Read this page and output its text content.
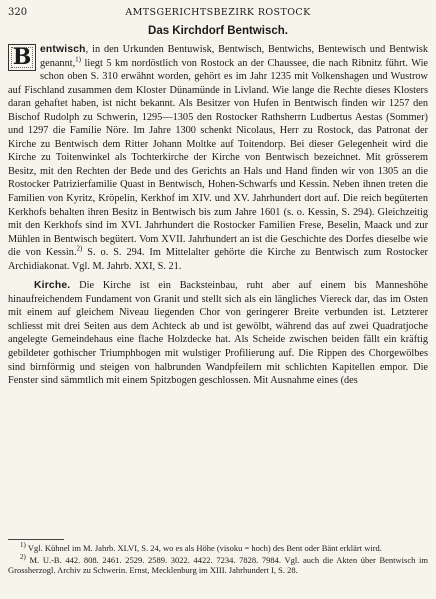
320	AMTSGERICHTSBEZIRK ROSTOCK
Das Kirchdorf Bentwisch.

B entwisch, in den Urkunden Bentuwisk, Bentwisch, Bentwichs, Bentewisch und Bentwisk genannt,$^{1)}$ liegt 5 km nordöstlich von Rostock an der Chaussee, die nach Ribnitz führt. Wie schon oben S. 310 erwähnt worden, gehört es im Jahr 1235 mit Volkenshagen und Wustrow auf Fischland zusammen dem Kloster Dünamünde in Livland. Wie lange die Rechte dieses Klosters daran gehaftet haben, ist nicht bekannt. Als Besitzer von Hufen in Bentwisch finden wir 1257 den Bischof Rudolph zu Schwerin, 1295—1305 den Rostocker Rathsherrn Ludbertus Aestas (Sommer) und 1297 die Familie Nöre. Im Jahre 1300 schenkt Nicolaus, Herr zu Rostock, das Patronat der Kirche zu Bentwisch dem Ritter Johann Moltke auf Toitendorp. Bei dieser Gelegenheit wird die Kirche zu Toitenwinkel als Tochterkirche der Kirche von Bentwisch bezeichnet. Mit grösserem Besitz, mit den Rechten der Bede und des Gerichts an Hals und Hand finden wir von 1305 an die Rostocker Patrizierfamilie Quast in Bentwisch, Hohen-Schwarfs und Kessin. Neben ihnen treten die Familien von Kyritz, Kröpelin, Kerkhof im XIV. und XV. Jahrhundert dort auf. Die reich begüterten Kerkhofs behalten ihren Besitz in Bentwisch bis zum Jahre 1601 (s. o. Kessin, S. 294). Gleichzeitig mit den Kerkhofs sind im XVI. Jahrhundert die Rostocker Familien Frese, Beselin, Maack und zur Mühlen in Bentwisch begütert. Vom XVII. Jahrhundert an ist die Geschichte des Dorfes dieselbe wie die von Kessin.$^{2)}$ S. o. S. 294. Im Mittelalter gehörte die Kirche zu Bentwisch zum Rostocker Archidiakonat. Vgl. M. Jahrb. XXI, S. 21.

Kirche. Die Kirche ist ein Backsteinbau, ruht aber auf einem bis Manneshöhe hinaufreichendem Fundament von Granit und stellt sich als ein längliches Viereck dar, das im Osten mit einem auf gleichem Niveau liegenden Chor von geringerer Breite verbunden ist. Letzterer schliesst mit drei Seiten aus dem Achteck ab und ist gewölbt, während das auf zwei Quadratjoche angelegte Gemeindehaus eine flache Holzdecke hat. Als Scheide zwischen beiden fällt ein kräftig gebildeter gothischer Triumphbogen mit wulstiger Profilierung auf. Die Rippen des Chorgewölbes sind birnförmig und steigen von halbrunden Wandpfeilern mit schlichten Kapitellen empor. Die Fenster sind sämmtlich mit einem Spitzbogen geschlossen. Mit Ausnahme eines (des

$^{1)}$ Vgl. Kühnel im M. Jahrb. XLVI, S. 24, wo es als Höhe (visoku = hoch) des Bent oder Bänt erklärt wird.

$^{2)}$ M. U.-B. 442. 808. 2461. 2529. 2589. 3022. 4422. 7234. 7828. 7984. Vgl. auch die Akten über Bentwisch im Grossherzogl. Archiv zu Schwerin. Ernst, Mecklenburg im XIII. Jahrhundert I, S. 28.
